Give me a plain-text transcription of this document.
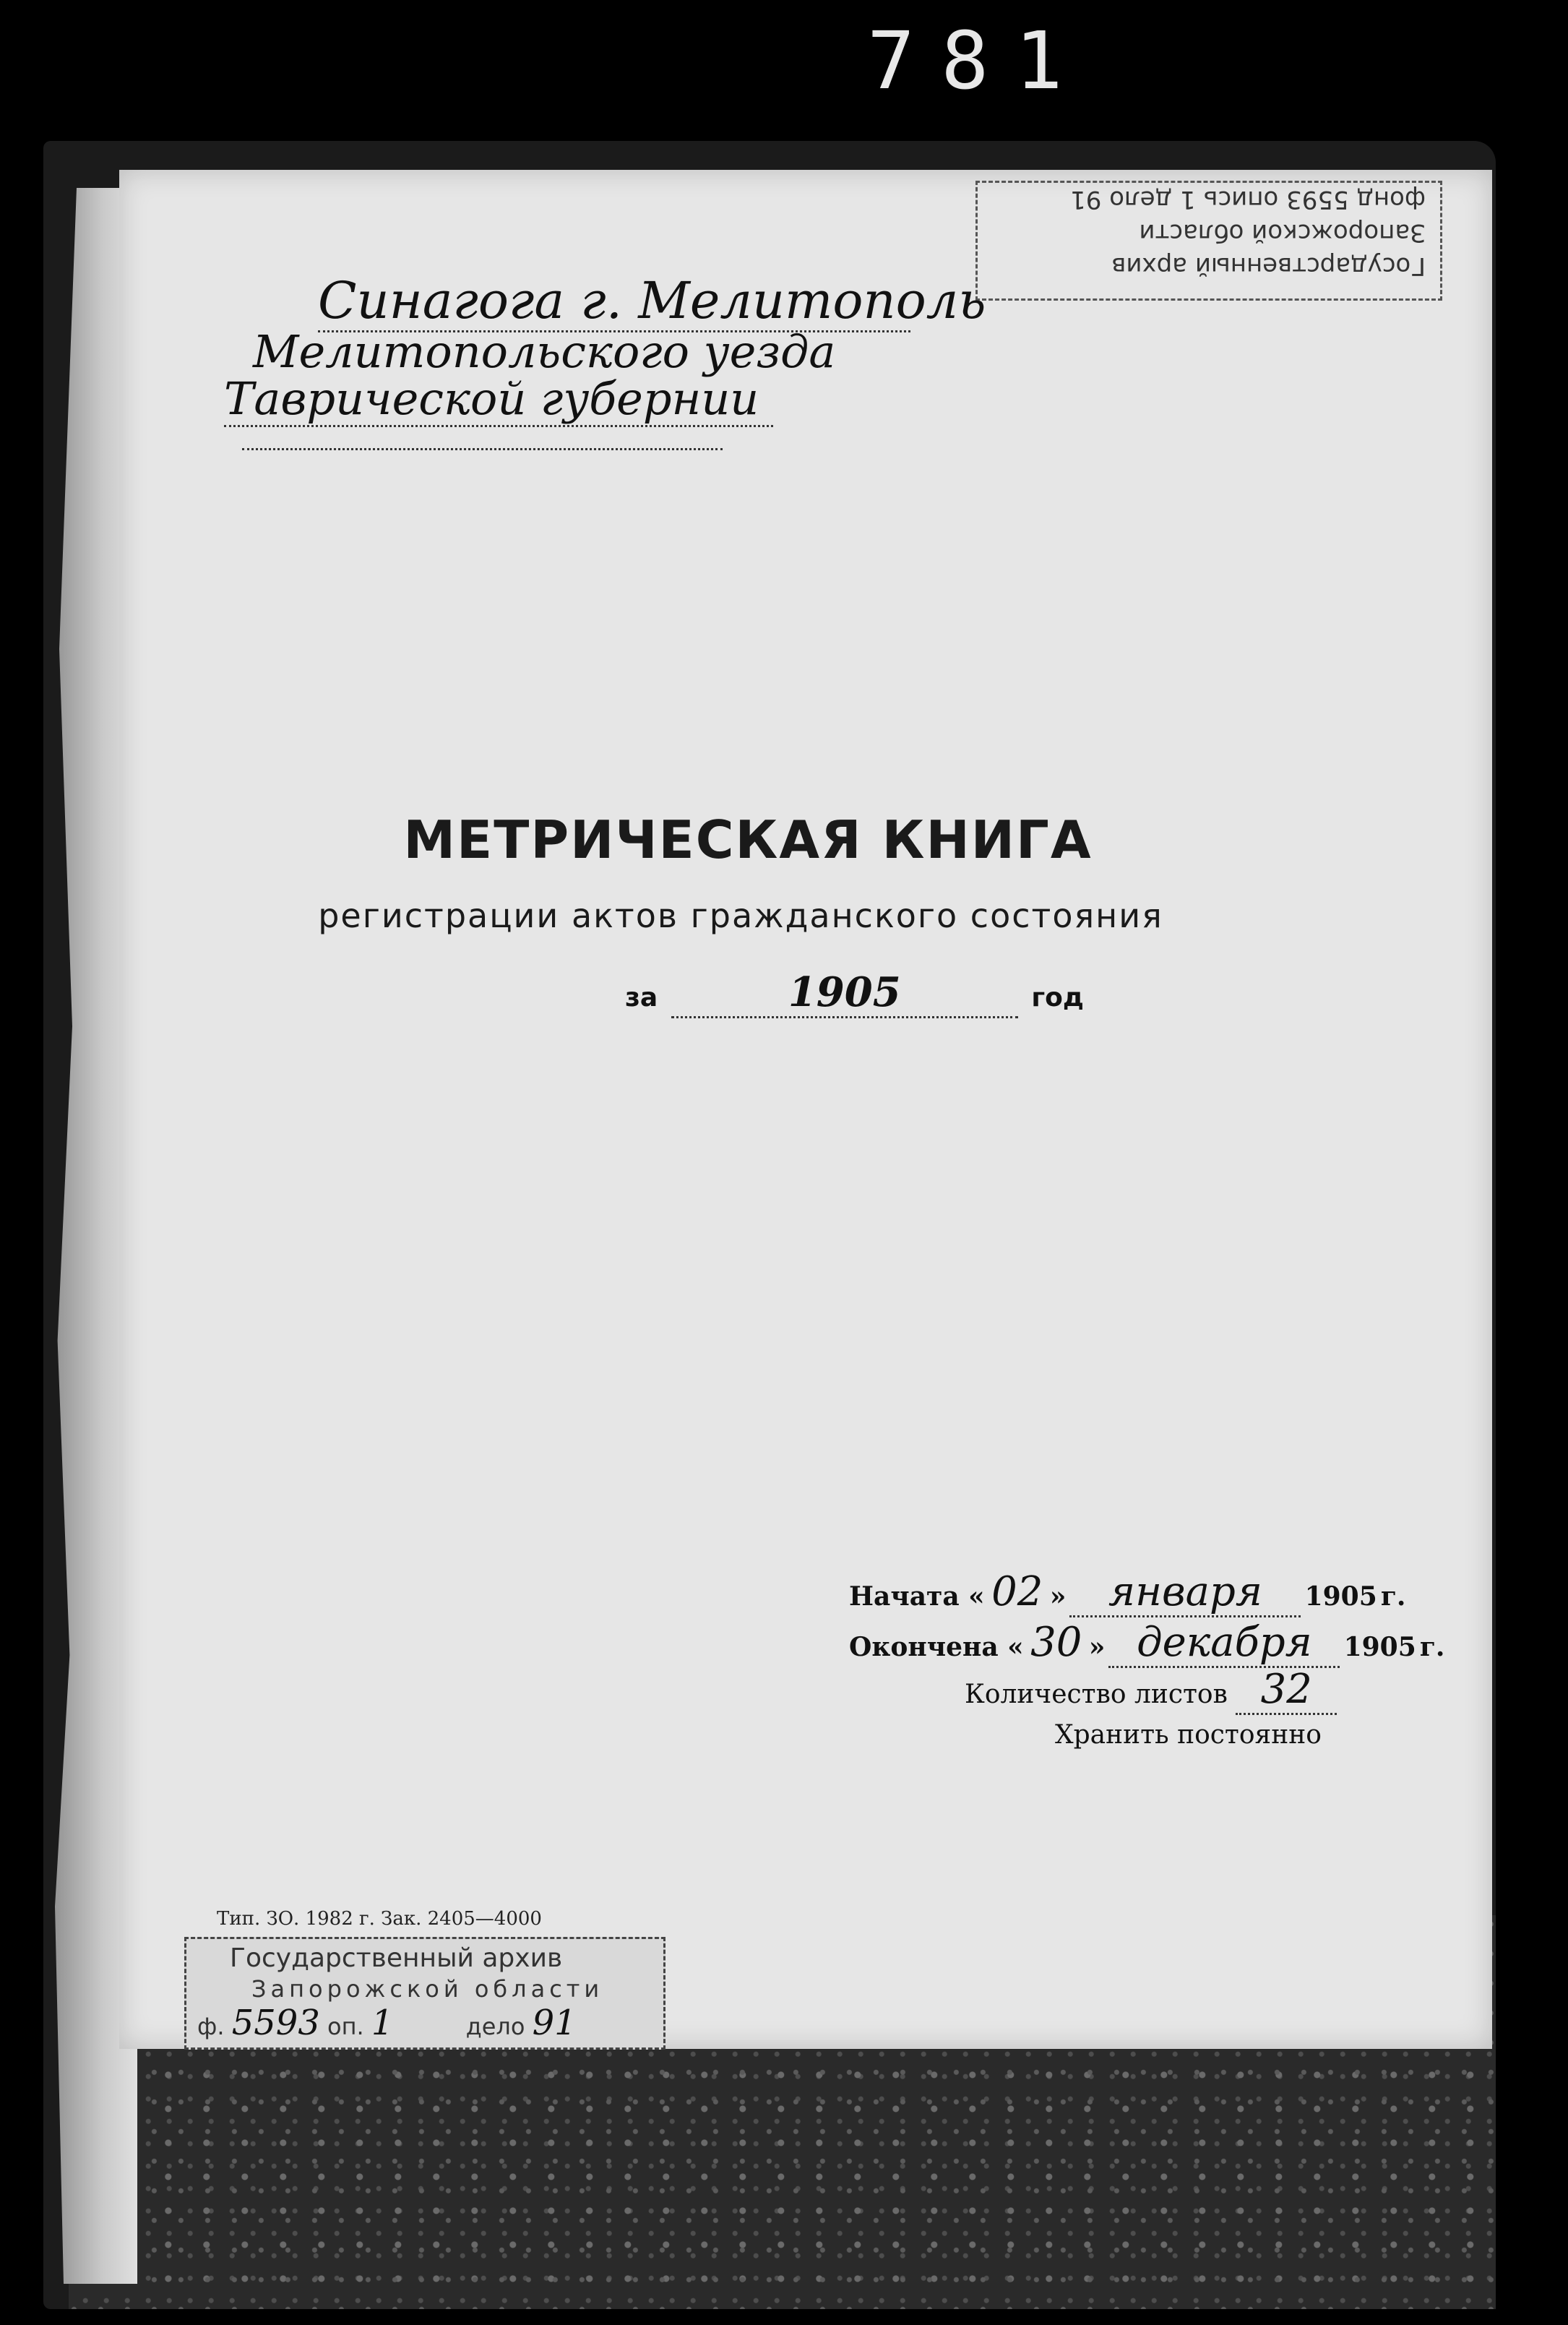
781
фонд 5593 опись 1 дело 91
Запорожской области
Государственный архив
Синагога г. Мелитополь
Мелитопольского уезда
Таврической губернии
МЕТРИЧЕСКАЯ КНИГА
регистрации актов гражданского состояния
за	1905	год
Начата « 02 » января 1905 г.
Окончена « 30 » декабря 1905 г.
Количество листов 32
Хранить постоянно
Тип. ЗО. 1982 г. Зак. 2405—4000
Государственный архив
Запорожской области
ф. 5593 оп. 1	дело 91
